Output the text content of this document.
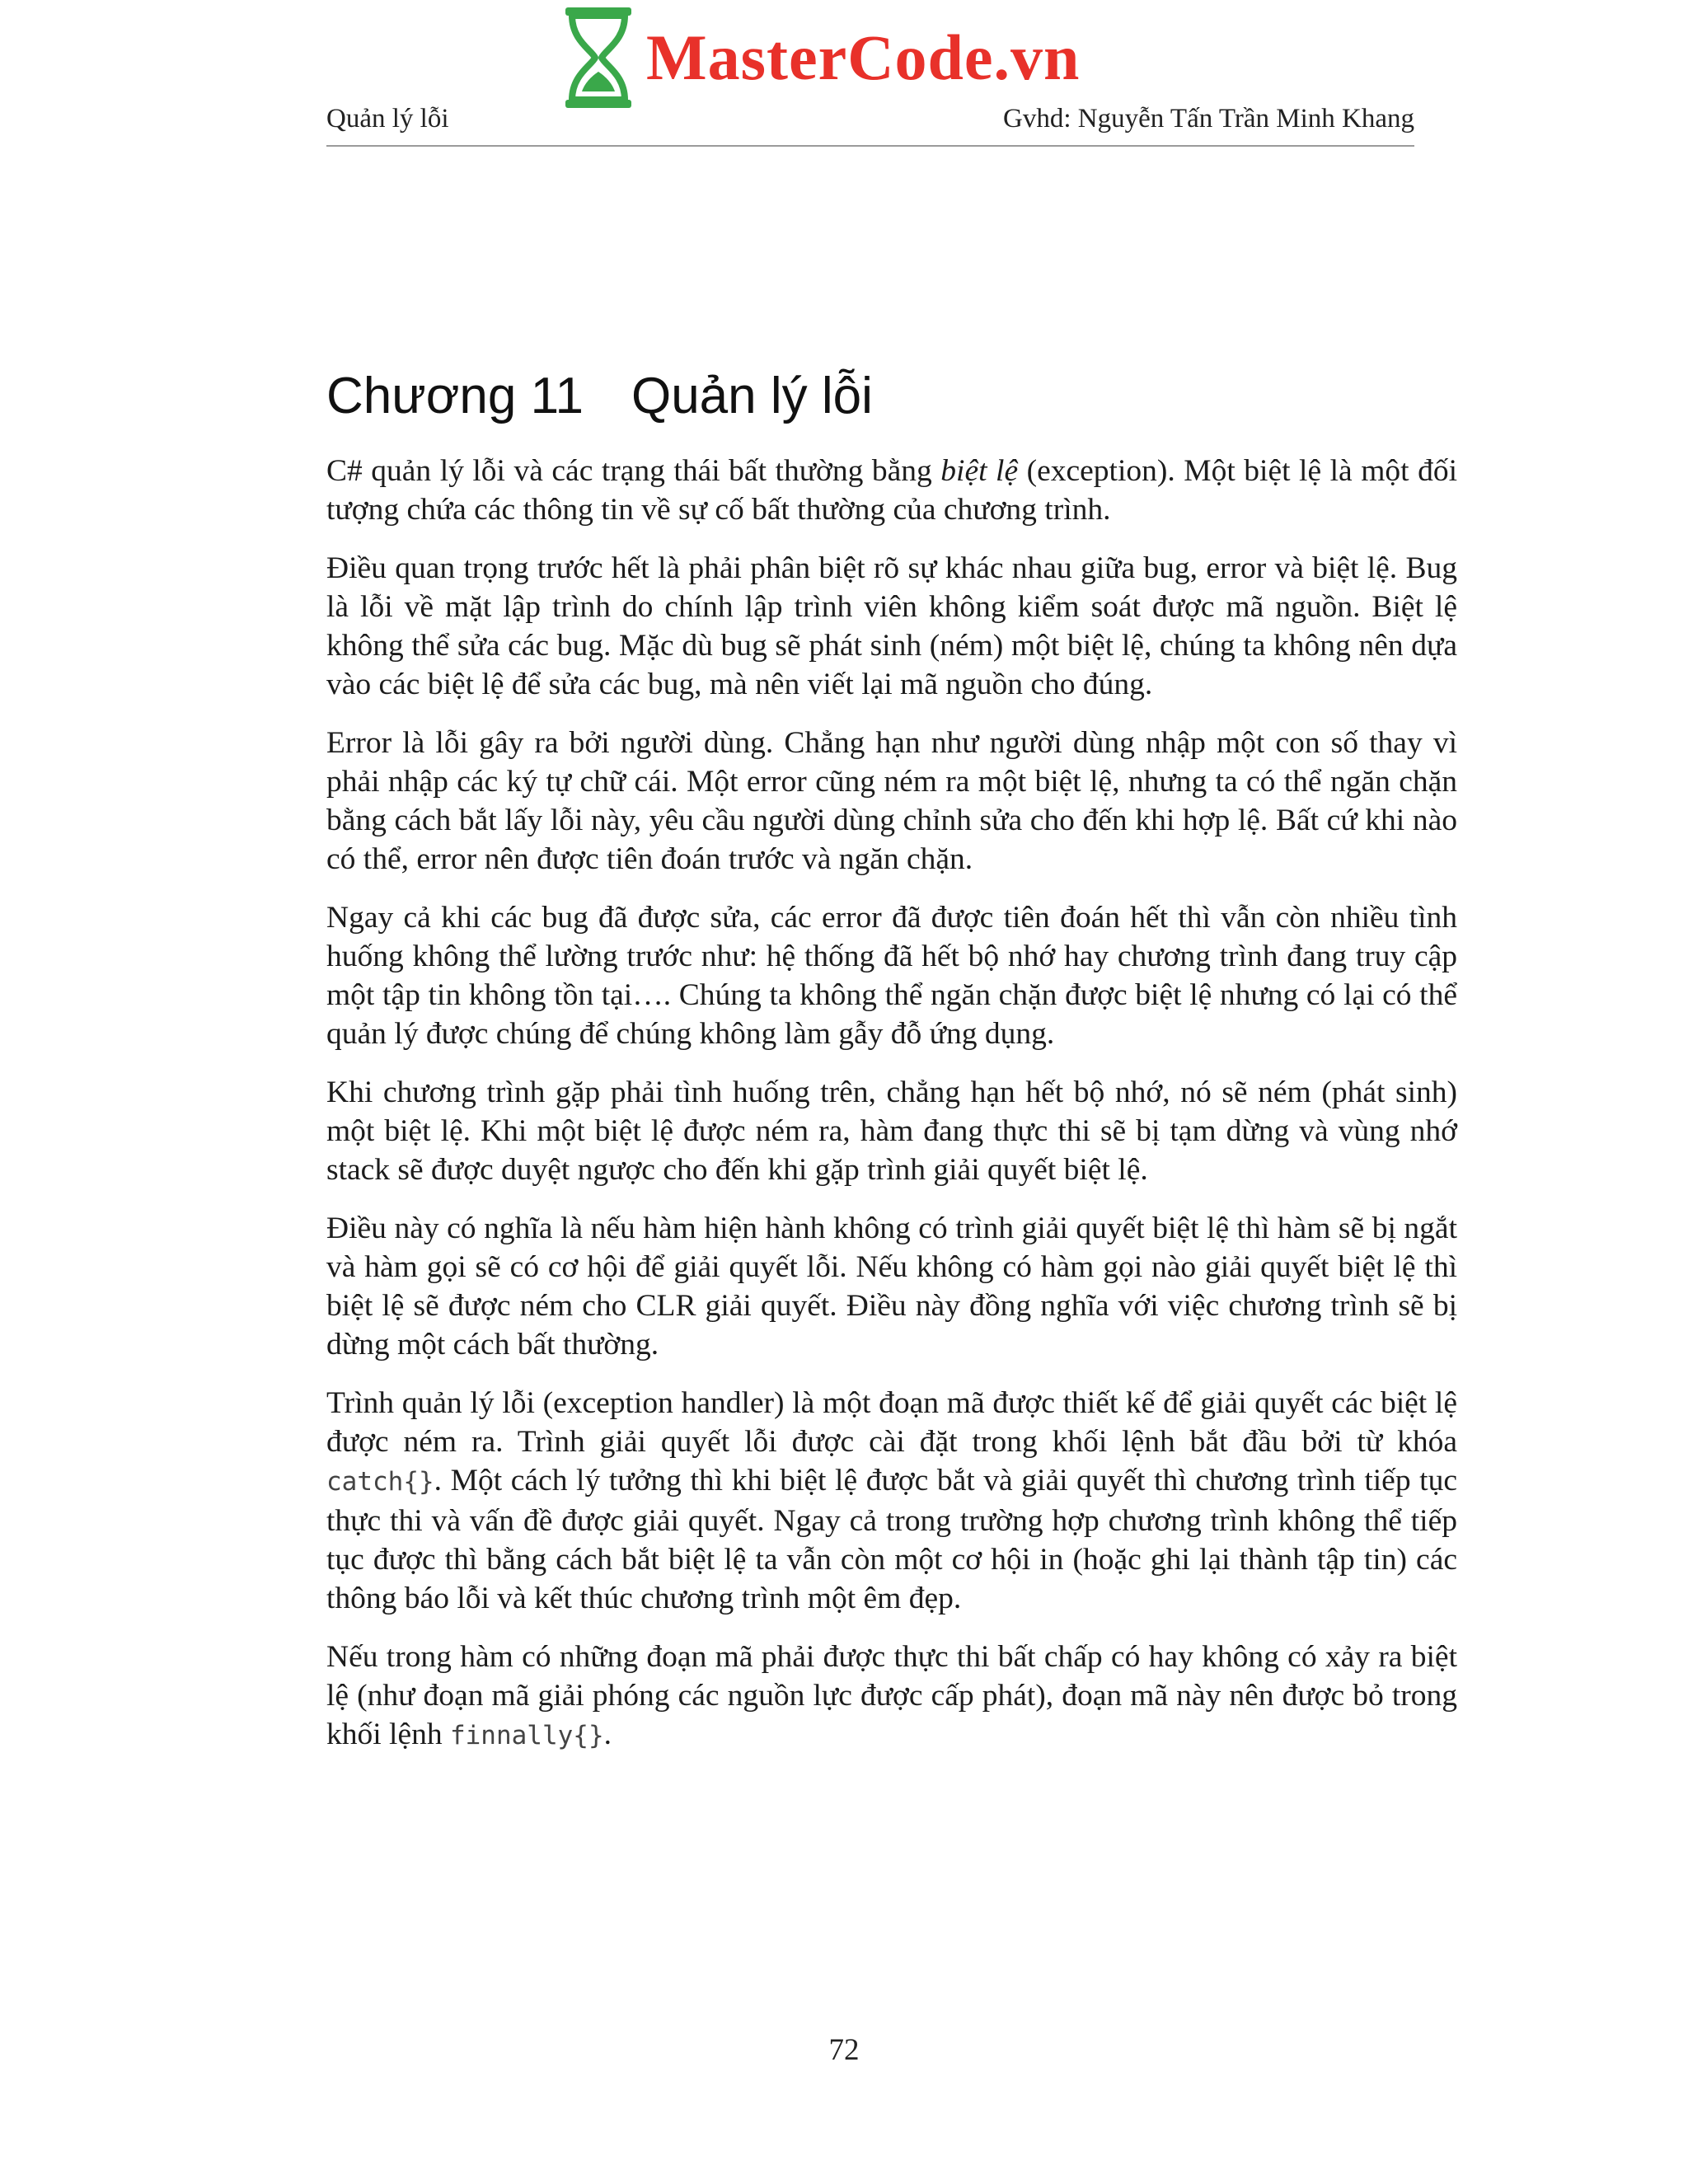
MasterCode.vn
Quản lý lỗi	Gvhd: Nguyễn Tấn Trần Minh Khang
Chương 11 Quản lý lỗi

C# quản lý lỗi và các trạng thái bất thường bằng biệt lệ (exception). Một biệt lệ là một đối tượng chứa các thông tin về sự cố bất thường của chương trình.

Điều quan trọng trước hết là phải phân biệt rõ sự khác nhau giữa bug, error và biệt lệ. Bug là lỗi về mặt lập trình do chính lập trình viên không kiểm soát được mã nguồn. Biệt lệ không thể sửa các bug. Mặc dù bug sẽ phát sinh (ném) một biệt lệ, chúng ta không nên dựa vào các biệt lệ để sửa các bug, mà nên viết lại mã nguồn cho đúng.

Error là lỗi gây ra bởi người dùng. Chẳng hạn như người dùng nhập một con số thay vì phải nhập các ký tự chữ cái. Một error cũng ném ra một biệt lệ, nhưng ta có thể ngăn chặn bằng cách bắt lấy lỗi này, yêu cầu người dùng chỉnh sửa cho đến khi hợp lệ. Bất cứ khi nào có thể, error nên được tiên đoán trước và ngăn chặn.

Ngay cả khi các bug đã được sửa, các error đã được tiên đoán hết thì vẫn còn nhiều tình huống không thể lường trước như: hệ thống đã hết bộ nhớ hay chương trình đang truy cập một tập tin không tồn tại…. Chúng ta không thể ngăn chặn được biệt lệ nhưng có lại có thể quản lý được chúng để chúng không làm gẫy đỗ ứng dụng.

Khi chương trình gặp phải tình huống trên, chẳng hạn hết bộ nhớ, nó sẽ ném (phát sinh) một biệt lệ. Khi một biệt lệ được ném ra, hàm đang thực thi sẽ bị tạm dừng và vùng nhớ stack sẽ được duyệt ngược cho đến khi gặp trình giải quyết biệt lệ.

Điều này có nghĩa là nếu hàm hiện hành không có trình giải quyết biệt lệ thì hàm sẽ bị ngắt và hàm gọi sẽ có cơ hội để giải quyết lỗi. Nếu không có hàm gọi nào giải quyết biệt lệ thì biệt lệ sẽ được ném cho CLR giải quyết. Điều này đồng nghĩa với việc chương trình sẽ bị dừng một cách bất thường.

Trình quản lý lỗi (exception handler) là một đoạn mã được thiết kế để giải quyết các biệt lệ được ném ra. Trình giải quyết lỗi được cài đặt trong khối lệnh bắt đầu bởi từ khóa catch{}. Một cách lý tưởng thì khi biệt lệ được bắt và giải quyết thì chương trình tiếp tục thực thi và vấn đề được giải quyết. Ngay cả trong trường hợp chương trình không thể tiếp tục được thì bằng cách bắt biệt lệ ta vẫn còn một cơ hội in (hoặc ghi lại thành tập tin) các thông báo lỗi và kết thúc chương trình một êm đẹp.

Nếu trong hàm có những đoạn mã phải được thực thi bất chấp có hay không có xảy ra biệt lệ (như đoạn mã giải phóng các nguồn lực được cấp phát), đoạn mã này nên được bỏ trong khối lệnh finnally{}.

72
